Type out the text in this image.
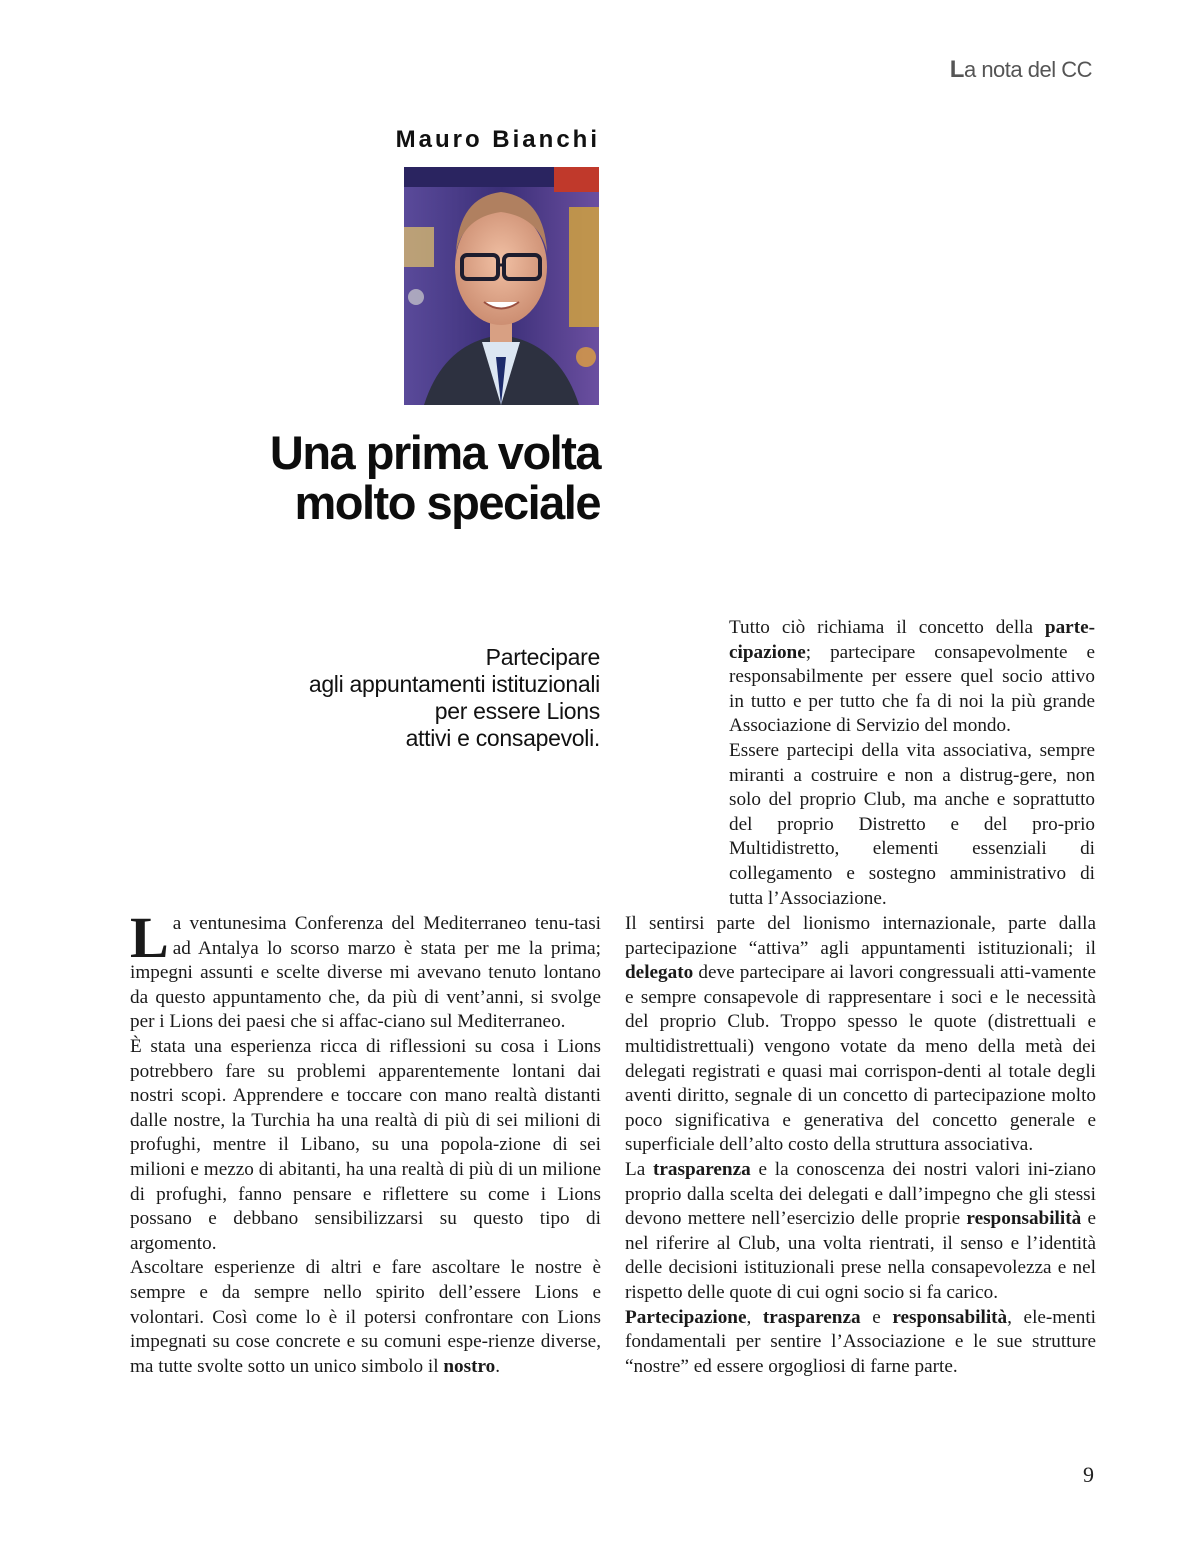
La nota del CC
Mauro Bianchi
Una prima volta
molto speciale
Partecipare
agli appuntamenti istituzionali
per essere Lions
attivi e consapevoli.

Tutto ciò richiama il concetto della parte-cipazione; partecipare consapevolmente e responsabilmente per essere quel socio attivo in tutto e per tutto che fa di noi la più grande Associazione di Servizio del mondo.

Essere partecipi della vita associativa, sempre miranti a costruire e non a distrug-gere, non solo del proprio Club, ma anche e soprattutto del proprio Distretto e del pro-prio Multidistretto, elementi essenziali di collegamento e sostegno amministrativo di tutta l’Associazione.

La ventunesima Conferenza del Mediterraneo tenu-tasi ad Antalya lo scorso marzo è stata per me la prima; impegni assunti e scelte diverse mi avevano tenuto lontano da questo appuntamento che, da più di vent’anni, si svolge per i Lions dei paesi che si affac-ciano sul Mediterraneo.

È stata una esperienza ricca di riflessioni su cosa i Lions potrebbero fare su problemi apparentemente lontani dai nostri scopi. Apprendere e toccare con mano realtà distanti dalle nostre, la Turchia ha una realtà di più di sei milioni di profughi, mentre il Libano, su una popola-zione di sei milioni e mezzo di abitanti, ha una realtà di più di un milione di profughi, fanno pensare e riflettere su come i Lions possano e debbano sensibilizzarsi su questo tipo di argomento.

Ascoltare esperienze di altri e fare ascoltare le nostre è sempre e da sempre nello spirito dell’essere Lions e volontari. Così come lo è il potersi confrontare con Lions impegnati su cose concrete e su comuni espe-rienze diverse, ma tutte svolte sotto un unico simbolo il nostro.

Il sentirsi parte del lionismo internazionale, parte dalla partecipazione “attiva” agli appuntamenti istituzionali; il delegato deve partecipare ai lavori congressuali atti-vamente e sempre consapevole di rappresentare i soci e le necessità del proprio Club. Troppo spesso le quote (distrettuali e multidistrettuali) vengono votate da meno della metà dei delegati registrati e quasi mai corrispon-denti al totale degli aventi diritto, segnale di un concetto di partecipazione molto poco significativa e generativa del concetto generale e superficiale dell’alto costo della struttura associativa.

La trasparenza e la conoscenza dei nostri valori ini-ziano proprio dalla scelta dei delegati e dall’impegno che gli stessi devono mettere nell’esercizio delle proprie responsabilità e nel riferire al Club, una volta rientrati, il senso e l’identità delle decisioni istituzionali prese nella consapevolezza e nel rispetto delle quote di cui ogni socio si fa carico.

Partecipazione, trasparenza e responsabilità, ele-menti fondamentali per sentire l’Associazione e le sue strutture “nostre” ed essere orgogliosi di farne parte.

9
